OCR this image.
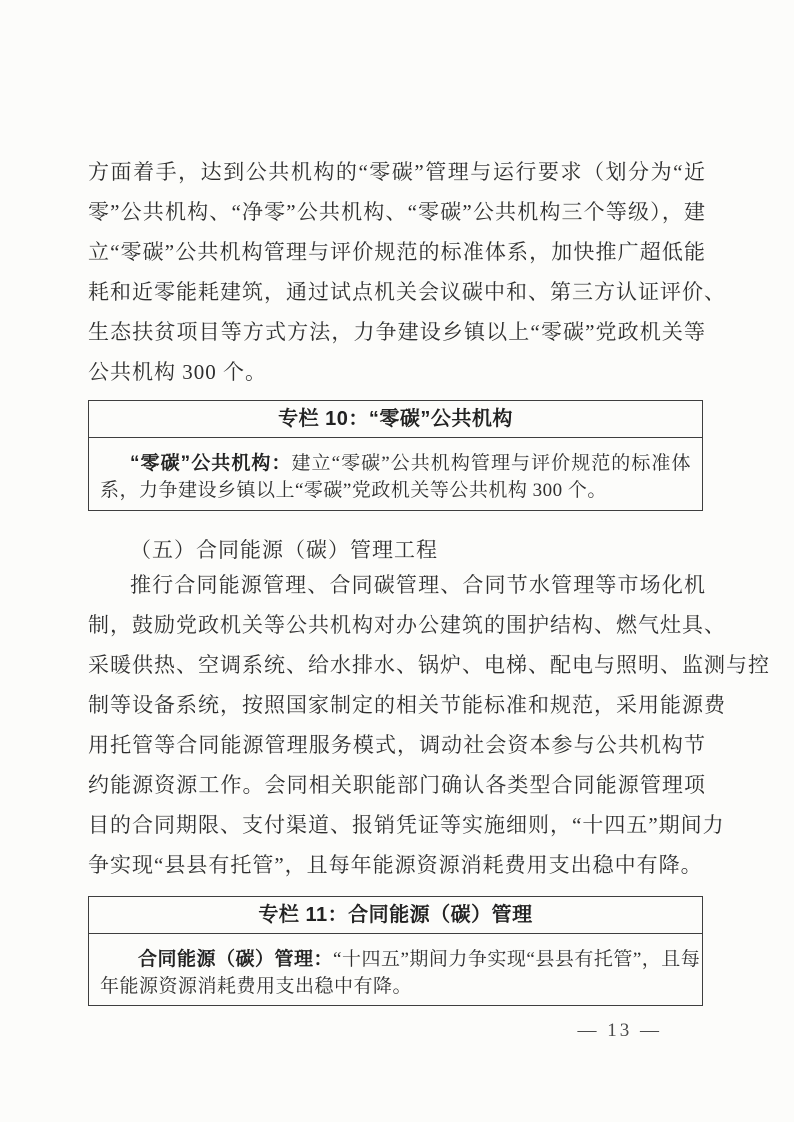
方面着手，达到公共机构的“零碳”管理与运行要求（划分为“近
零”公共机构、“净零”公共机构、“零碳”公共机构三个等级），建
立“零碳”公共机构管理与评价规范的标准体系，加快推广超低能
耗和近零能耗建筑，通过试点机关会议碳中和、第三方认证评价、
生态扶贫项目等方式方法，力争建设乡镇以上“零碳”党政机关等
公共机构 300 个。
专栏 10：“零碳”公共机构
“零碳”公共机构：建立“零碳”公共机构管理与评价规范的标准体
系，力争建设乡镇以上“零碳”党政机关等公共机构 300 个。
（五）合同能源（碳）管理工程
推行合同能源管理、合同碳管理、合同节水管理等市场化机
制，鼓励党政机关等公共机构对办公建筑的围护结构、燃气灶具、
采暖供热、空调系统、给水排水、锅炉、电梯、配电与照明、监测与控
制等设备系统，按照国家制定的相关节能标准和规范，采用能源费
用托管等合同能源管理服务模式，调动社会资本参与公共机构节
约能源资源工作。会同相关职能部门确认各类型合同能源管理项
目的合同期限、支付渠道、报销凭证等实施细则，“十四五”期间力
争实现“县县有托管”，且每年能源资源消耗费用支出稳中有降。
专栏 11：合同能源（碳）管理
合同能源（碳）管理：“十四五”期间力争实现“县县有托管”，且每
年能源资源消耗费用支出稳中有降。
— 13 —
